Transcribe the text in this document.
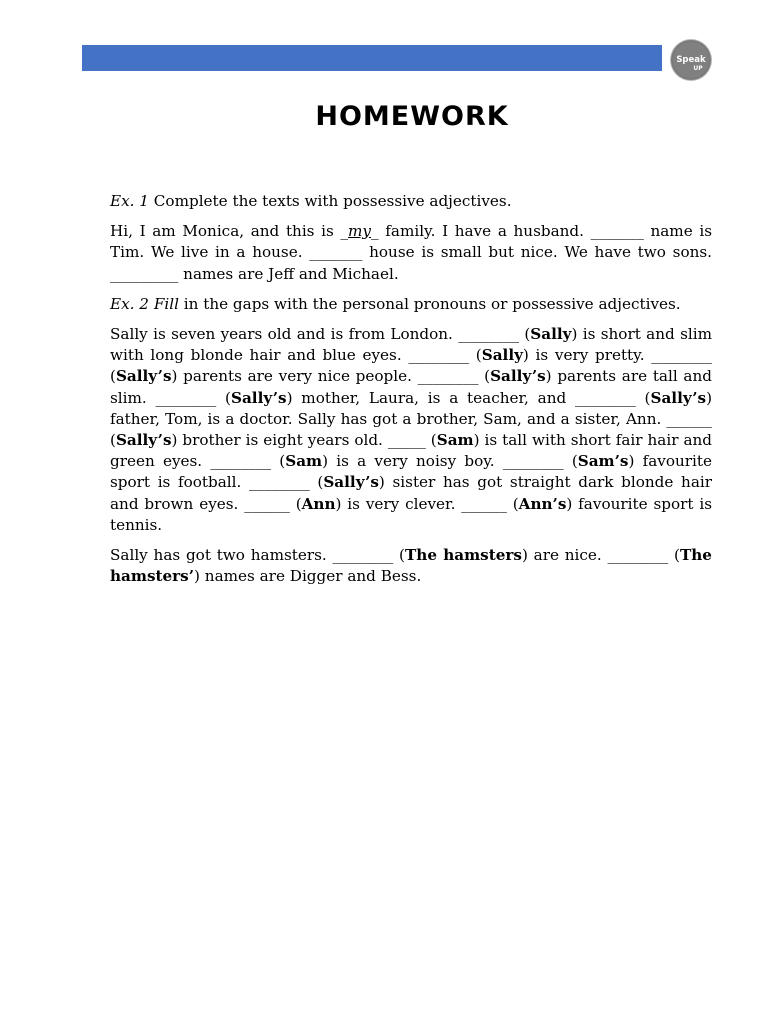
Speak
UP
HOMEWORK

Ex. 1 Complete the texts with possessive adjectives.

Hi, I am Monica, and this is _my_ family. I have a husband. _______ name is Tim. We live in a house. _______ house is small but nice. We have two sons. _________ names are Jeff and Michael.

Ex. 2 Fill in the gaps with the personal pronouns or possessive adjectives.

Sally is seven years old and is from London. ________ (Sally) is short and slim with long blonde hair and blue eyes. ________ (Sally) is very pretty. ________ (Sally’s) parents are very nice people. ________ (Sally’s) parents are tall and slim. ________ (Sally’s) mother, Laura, is a teacher, and ________ (Sally’s) father, Tom, is a doctor. Sally has got a brother, Sam, and a sister, Ann. ______ (Sally’s) brother is eight years old. _____ (Sam) is tall with short fair hair and green eyes. ________ (Sam) is a very noisy boy. ________ (Sam’s) favourite sport is football. ________ (Sally’s) sister has got straight dark blonde hair and brown eyes. ______ (Ann) is very clever. ______ (Ann’s) favourite sport is tennis.

Sally has got two hamsters. ________ (The hamsters) are nice. ________ (The hamsters’) names are Digger and Bess.
